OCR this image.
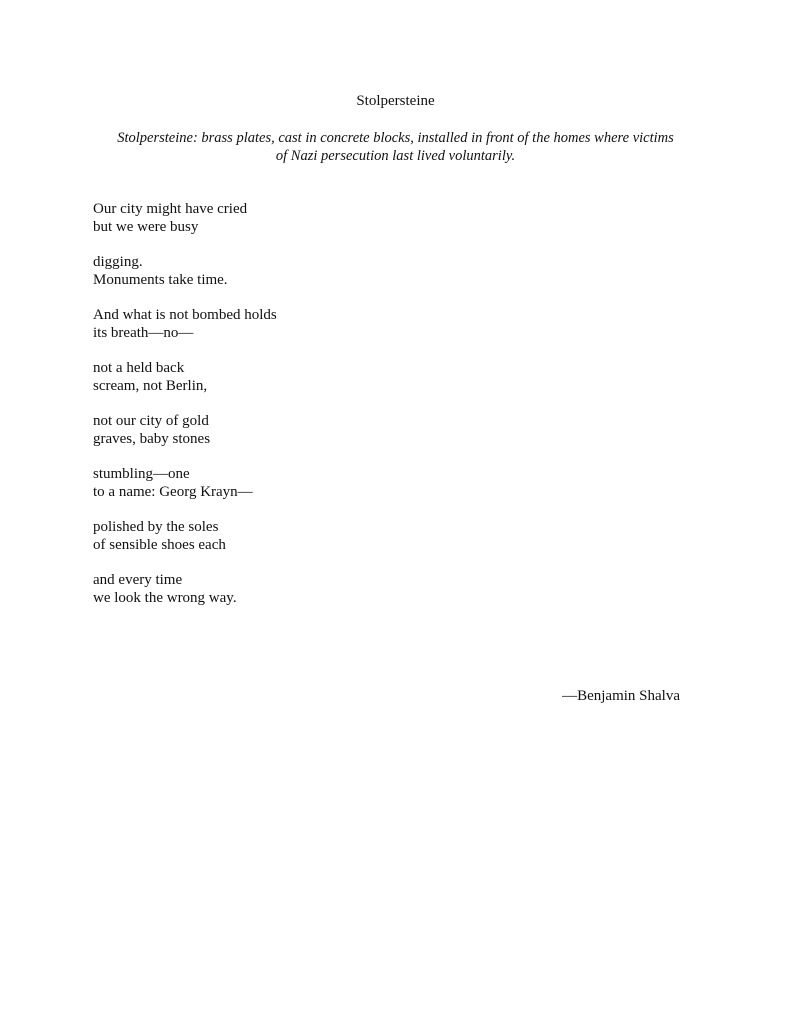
Stolpersteine
Stolpersteine: brass plates, cast in concrete blocks, installed in front of the homes where victims
of Nazi persecution last lived voluntarily.
Our city might have cried
but we were busy
digging.
Monuments take time.
And what is not bombed holds
its breath—no—
not a held back
scream, not Berlin,
not our city of gold
graves, baby stones
stumbling—one
to a name: Georg Krayn—
polished by the soles
of sensible shoes each
and every time
we look the wrong way.
—Benjamin Shalva
